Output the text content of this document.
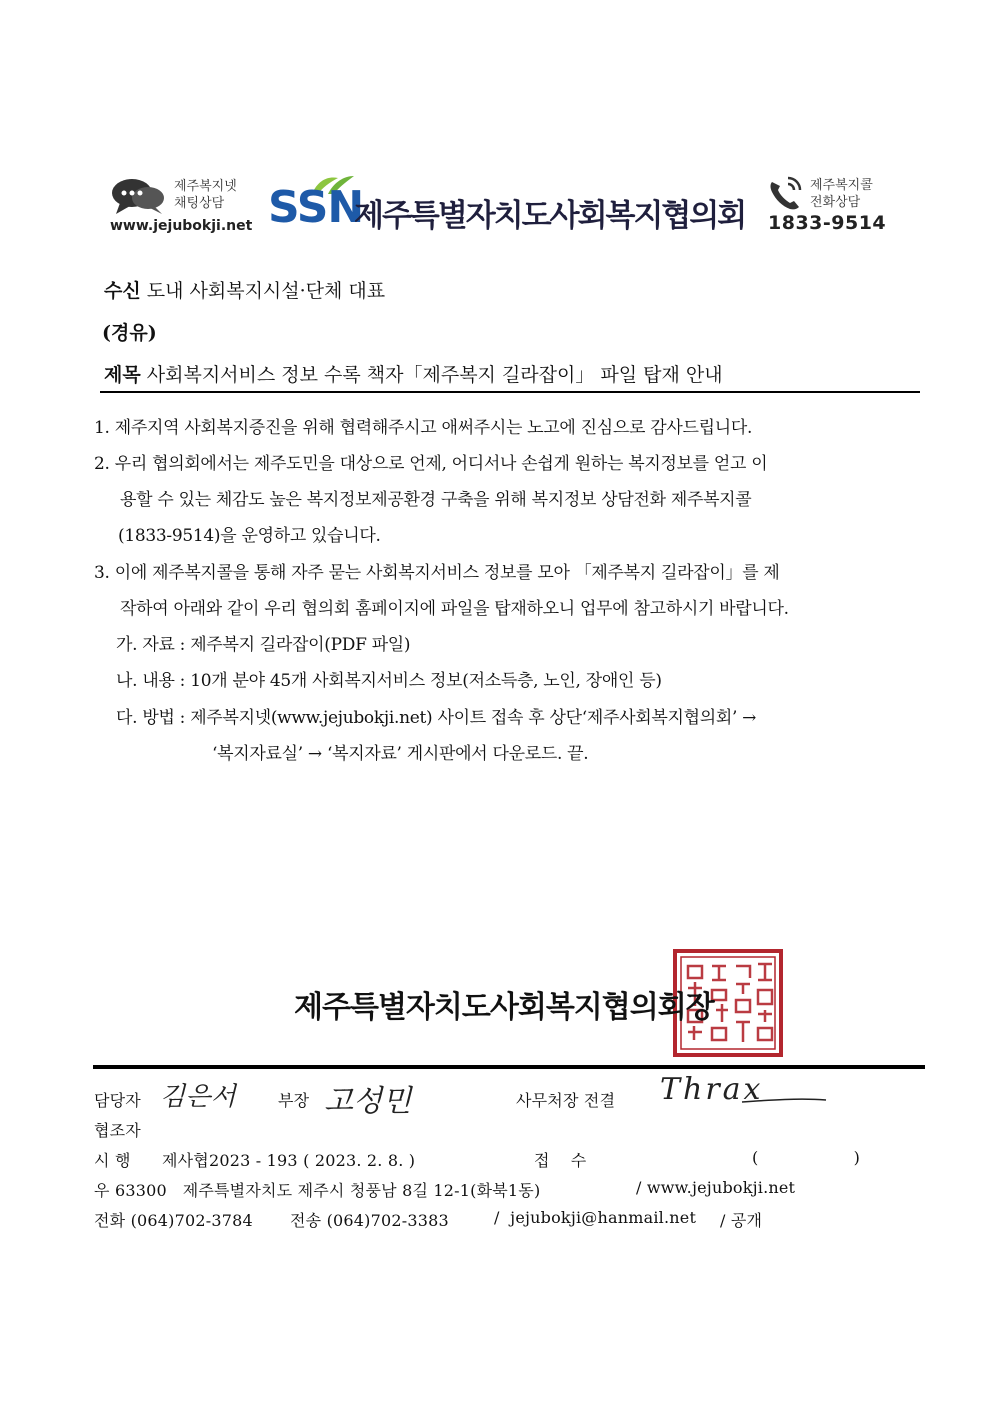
제주복지넷
채팅상담
www.jejubokji.net SSN
제주특별자치도사회복지협의회
제주복지콜
전화상담
1833-9514
수신 도내 사회복지시설·단체 대표
(경유)
제목 사회복지서비스 정보 수록 책자「제주복지 길라잡이」 파일 탑재 안내
1. 제주지역 사회복지증진을 위해 협력해주시고 애써주시는 노고에 진심으로 감사드립니다.
2. 우리 협의회에서는 제주도민을 대상으로 언제, 어디서나 손쉽게 원하는 복지정보를 얻고 이
용할 수 있는 체감도 높은 복지정보제공환경 구축을 위해 복지정보 상담전화 제주복지콜
(1833-9514)을 운영하고 있습니다.
3. 이에 제주복지콜을 통해 자주 묻는 사회복지서비스 정보를 모아 「제주복지 길라잡이」를 제
작하여 아래와 같이 우리 협의회 홈페이지에 파일을 탑재하오니 업무에 참고하시기 바랍니다.
가. 자료 : 제주복지 길라잡이(PDF 파일)
나. 내용 : 10개 분야 45개 사회복지서비스 정보(저소득층, 노인, 장애인 등)
다. 방법 : 제주복지넷(www.jejubokji.net) 사이트 접속 후 상단‘제주사회복지협의회’ →
‘복지자료실’ → ‘복지자료’ 게시판에서 다운로드. 끝.
제주특별자치도사회복지협의회장
담당자 김은서	부장 고성민	사무처장 전결 Thrax
협조자
시 행 제사협2023 - 193 ( 2023. 2. 8. )	접    수	(                  )
우 63300   제주특별자치도 제주시 청풍남 8길 12-1(화북1동)	/ www.jejubokji.net
전화 (064)702-3784 전송 (064)702-3383	/  jejubokji@hanmail.net / 공개
